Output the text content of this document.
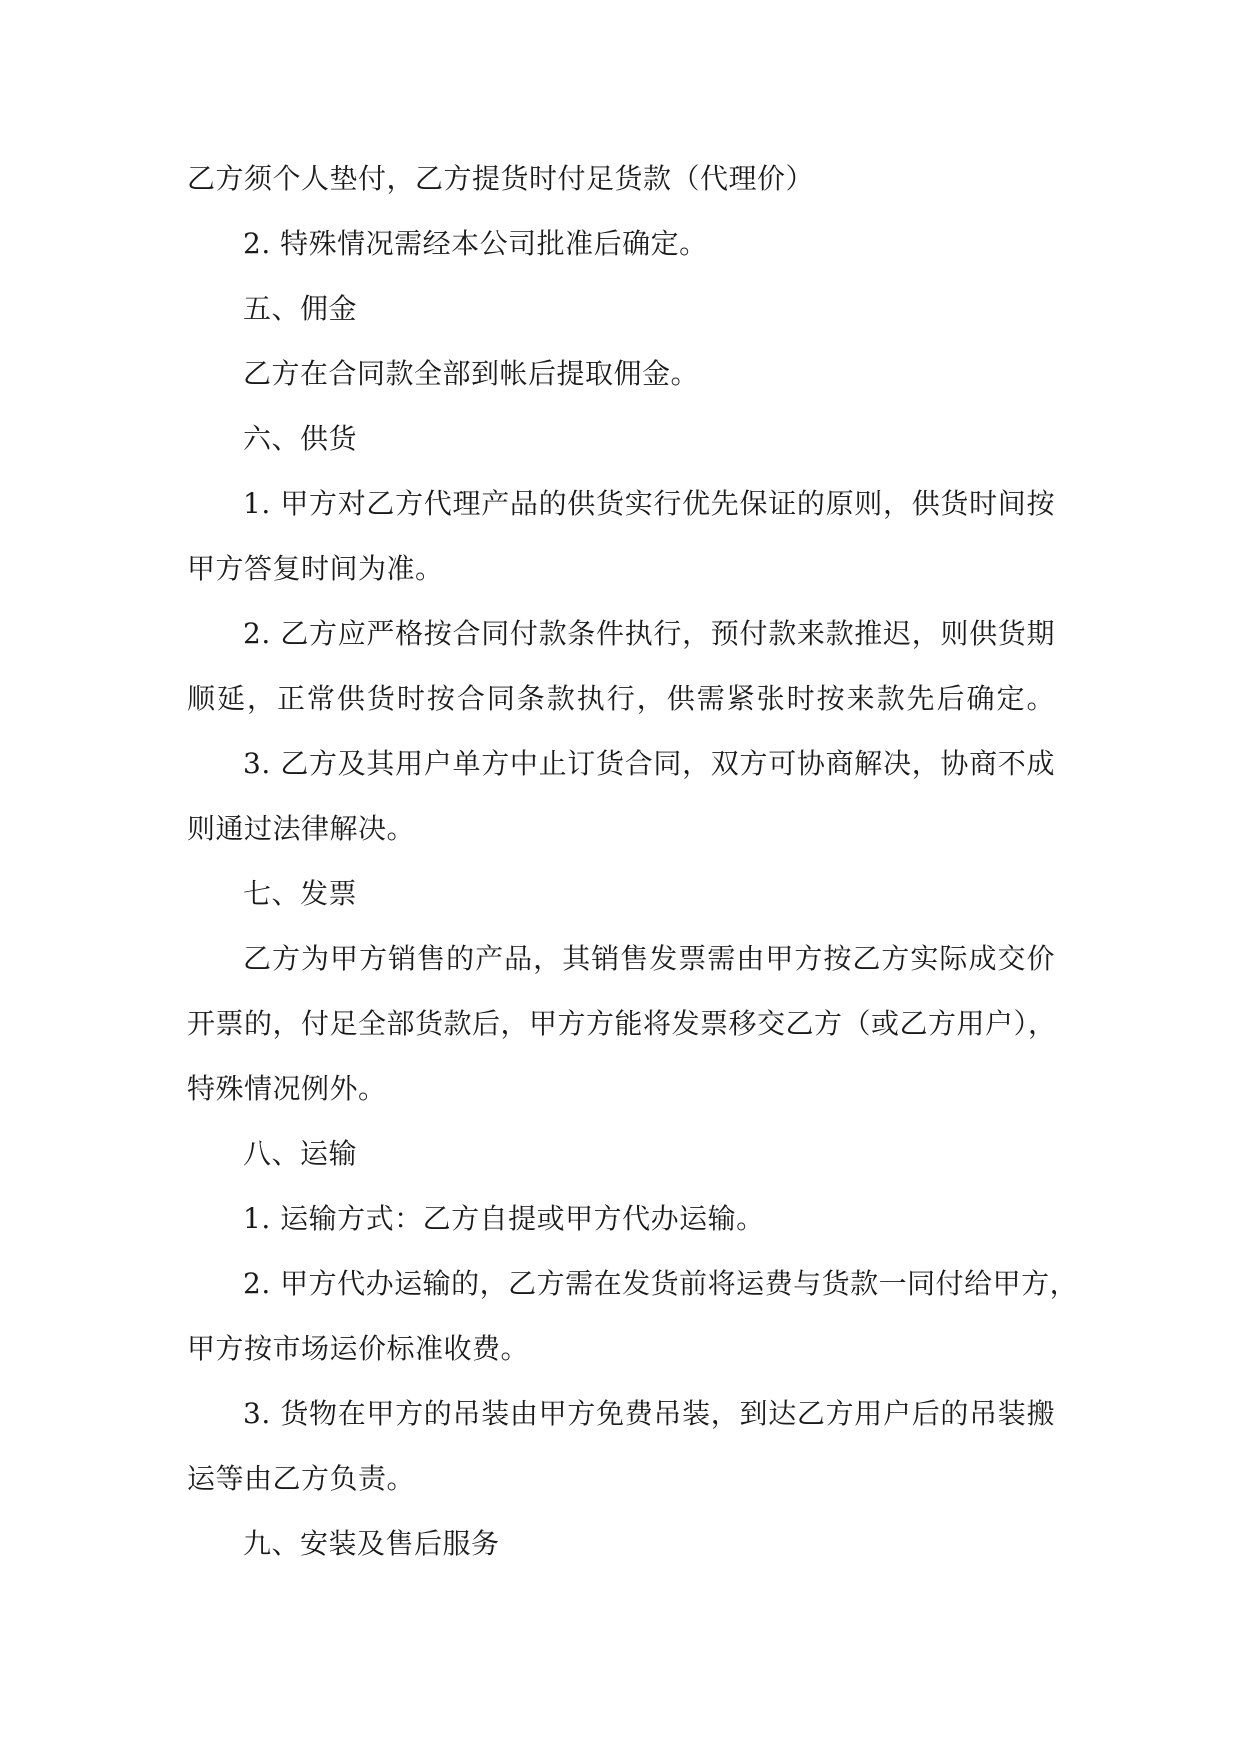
乙方须个人垫付，乙方提货时付足货款（代理价）
2. 特殊情况需经本公司批准后确定。
五、佣金
乙方在合同款全部到帐后提取佣金。
六、供货
1. 甲方对乙方代理产品的供货实行优先保证的原则，供货时间按
甲方答复时间为准。
2. 乙方应严格按合同付款条件执行，预付款来款推迟，则供货期
顺延，正常供货时按合同条款执行，供需紧张时按来款先后确定。
3. 乙方及其用户单方中止订货合同，双方可协商解决，协商不成
则通过法律解决。
七、发票
乙方为甲方销售的产品，其销售发票需由甲方按乙方实际成交价
开票的，付足全部货款后，甲方方能将发票移交乙方（或乙方用户），
特殊情况例外。
八、运输
1. 运输方式：乙方自提或甲方代办运输。
2. 甲方代办运输的，乙方需在发货前将运费与货款一同付给甲方，
甲方按市场运价标准收费。
3. 货物在甲方的吊装由甲方免费吊装，到达乙方用户后的吊装搬
运等由乙方负责。
九、安装及售后服务
